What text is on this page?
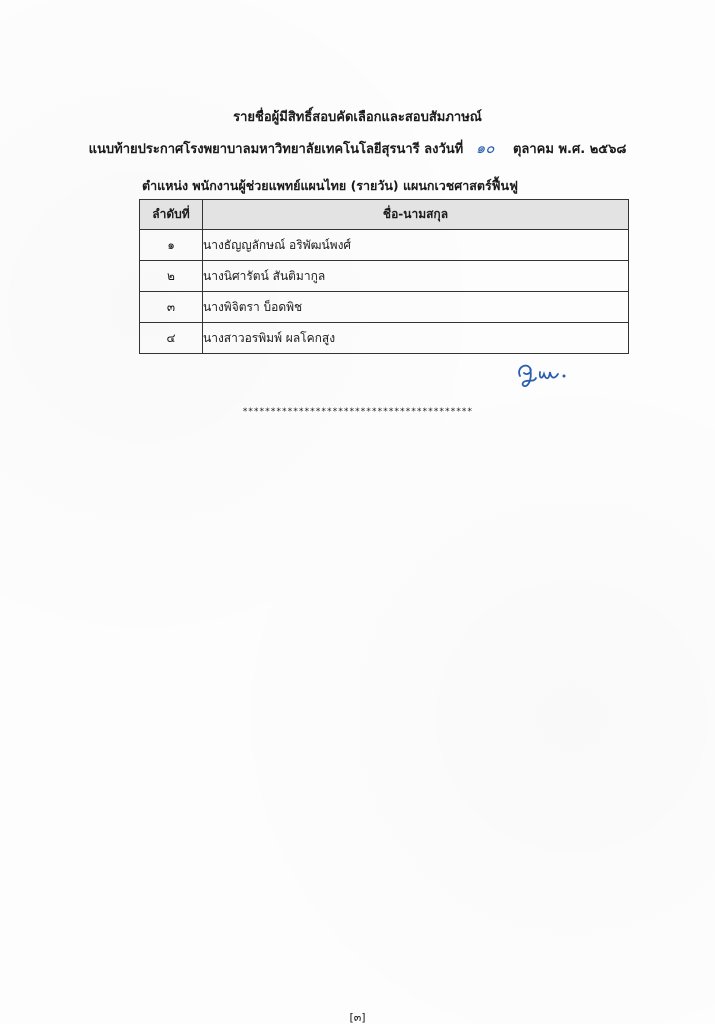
รายชื่อผู้มีสิทธิ์สอบคัดเลือกและสอบสัมภาษณ์
แนบท้ายประกาศโรงพยาบาลมหาวิทยาลัยเทคโนโลยีสุรนารี ลงวันที่ ๑๐ ตุลาคม พ.ศ. ๒๕๖๘
ตำแหน่ง พนักงานผู้ช่วยแพทย์แผนไทย (รายวัน) แผนกเวชศาสตร์ฟื้นฟู
ลำดับที่	ชื่อ-นามสกุล
๑	นางธัญญลักษณ์ อริพัฒน์พงศ์
๒	นางนิศารัตน์ สันติมากูล
๓	นางพิจิตรา บ็อดพิช
๔	นางสาวอรพิมพ์ ผลโคกสูง
*****************************************
[๓]
